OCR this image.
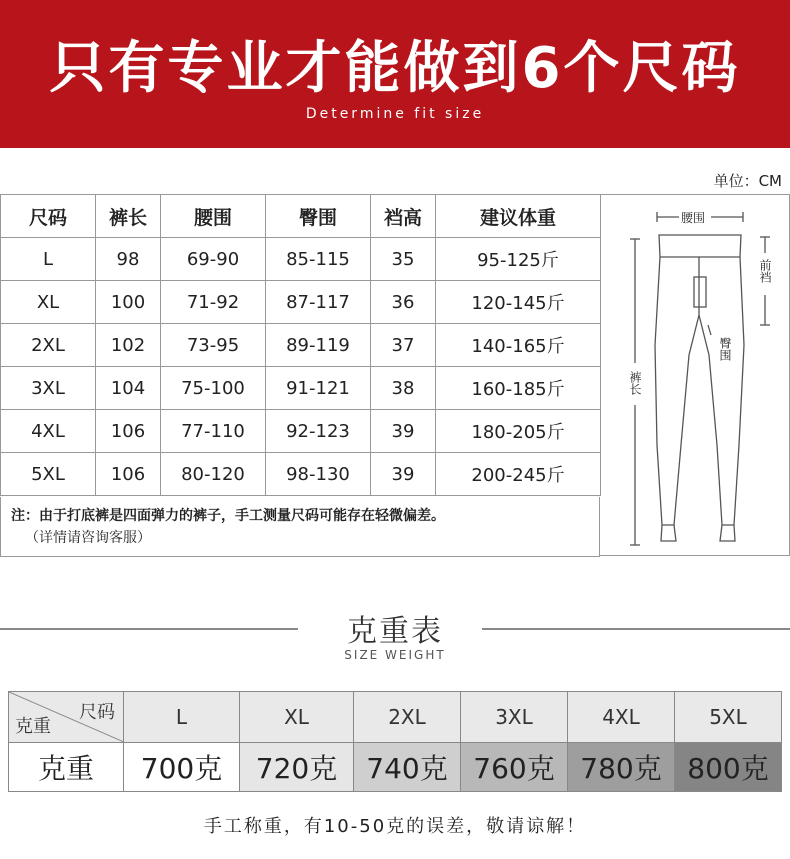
只有专业才能做到6个尺码
Determine fit size
单位：CM
尺码	裤长	腰围	臀围	裆高	建议体重
L	98	69-90	85-115	35	95-125斤
XL	100	71-92	87-117	36	120-145斤
2XL	102	73-95	89-119	37	140-165斤
3XL	104	75-100	91-121	38	160-185斤
4XL	106	77-110	92-123	39	180-205斤
5XL	106	80-120	98-130	39	200-245斤
注：由于打底裤是四面弹力的裤子，手工测量尺码可能存在轻微偏差。
（详情请咨询客服）
腰围
前裆
臀围
裤长
克重表
SIZE WEIGHT
尺码
克重	L	XL	2XL	3XL	4XL	5XL
克重	700克	720克	740克	760克	780克	800克
手工称重，有10-50克的误差，敬请谅解！
